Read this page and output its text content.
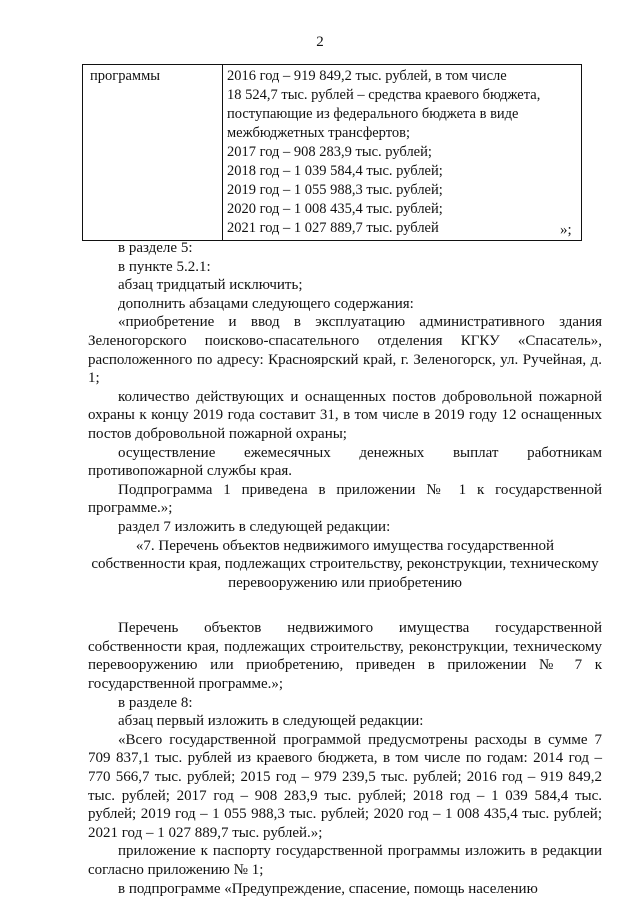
2
программы	2016 год – 919 849,2 тыс. рублей, в том числе
18 524,7 тыс. рублей – средства краевого бюджета,
поступающие из федерального бюджета в виде
межбюджетных трансфертов;
2017 год – 908 283,9 тыс. рублей;
2018 год – 1 039 584,4 тыс. рублей;
2019 год – 1 055 988,3 тыс. рублей;
2020 год – 1 008 435,4 тыс. рублей;
2021 год – 1 027 889,7 тыс. рублей	»;

в разделе 5:

в пункте 5.2.1:

абзац тридцатый исключить;

дополнить абзацами следующего содержания:

«приобретение и ввод в эксплуатацию административного здания Зеленогорского поисково-спасательного отделения КГКУ «Спасатель», расположенного по адресу: Красноярский край, г. Зеленогорск, ул. Ручейная, д. 1;

количество действующих и оснащенных постов добровольной пожарной охраны к концу 2019 года составит 31, в том числе в 2019 году 12 оснащенных постов добровольной пожарной охраны;

осуществление ежемесячных денежных выплат работникам противопожарной службы края.

Подпрограмма 1 приведена в приложении № 1 к государственной программе.»;

раздел 7 изложить в следующей редакции:

«7. Перечень объектов недвижимого имущества государственной собственности края, подлежащих строительству, реконструкции, техническому перевооружению или приобретению

Перечень объектов недвижимого имущества государственной собственности края, подлежащих строительству, реконструкции, техническому перевооружению или приобретению, приведен в приложении № 7 к государственной программе.»;

в разделе 8:

абзац первый изложить в следующей редакции:

«Всего государственной программой предусмотрены расходы в сумме 7 709 837,1 тыс. рублей из краевого бюджета, в том числе по годам: 2014 год – 770 566,7 тыс. рублей; 2015 год – 979 239,5 тыс. рублей; 2016 год – 919 849,2 тыс. рублей; 2017 год – 908 283,9 тыс. рублей; 2018 год – 1 039 584,4 тыс. рублей; 2019 год – 1 055 988,3 тыс. рублей; 2020 год – 1 008 435,4 тыс. рублей; 2021 год – 1 027 889,7 тыс. рублей.»;

приложение к паспорту государственной программы изложить в редакции согласно приложению № 1;

в подпрограмме «Предупреждение, спасение, помощь населению
